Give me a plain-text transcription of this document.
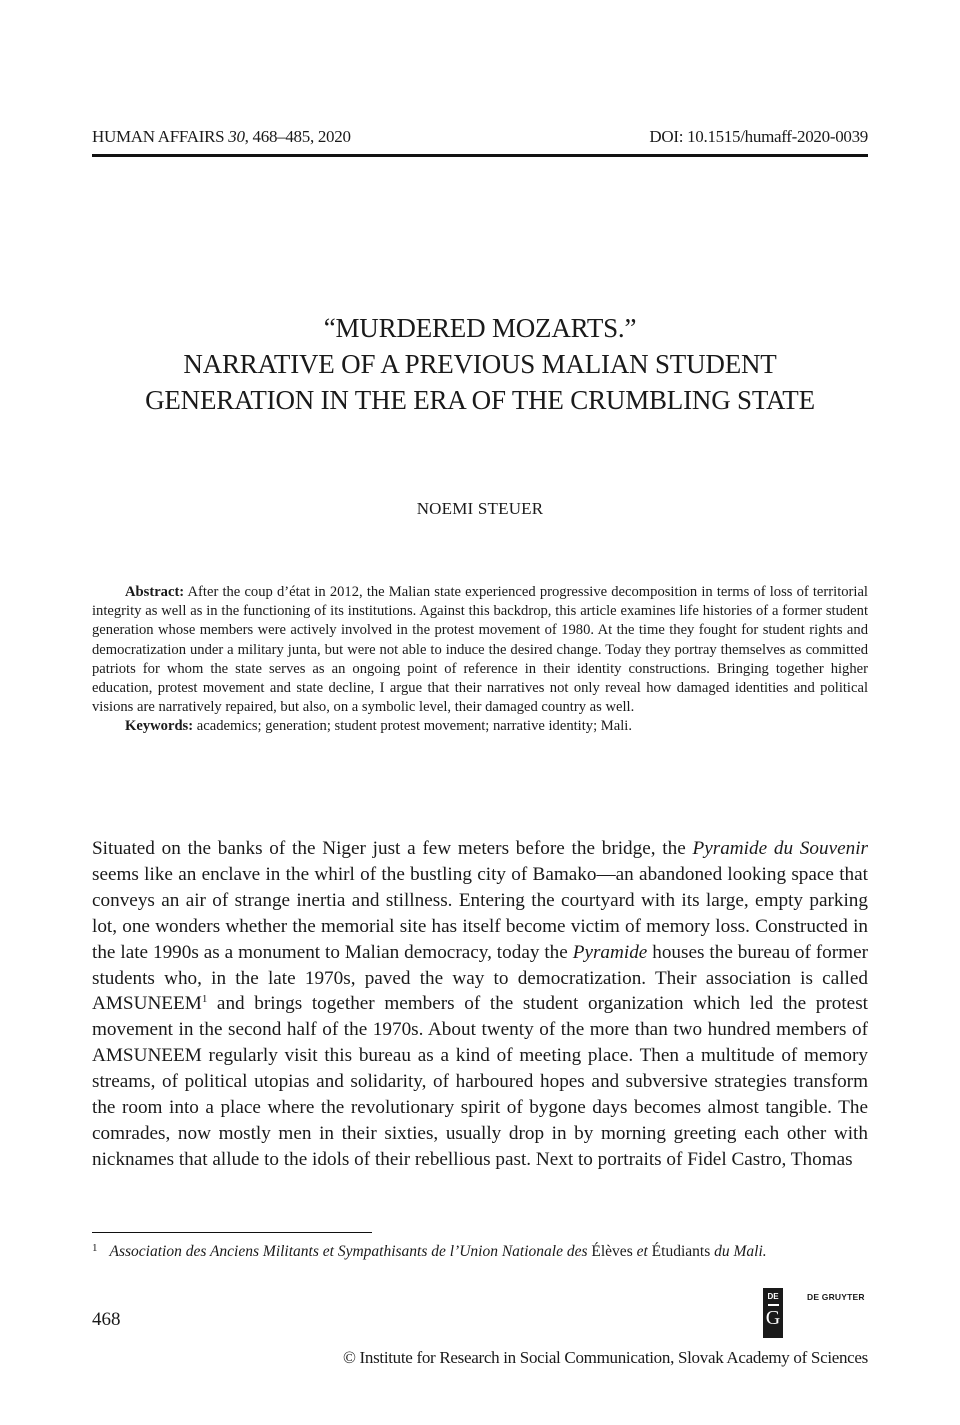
HUMAN AFFAIRS 30, 468–485, 2020	DOI: 10.1515/humaff-2020-0039
“MURDERED MOZARTS.”
NARRATIVE OF A PREVIOUS MALIAN STUDENT
GENERATION IN THE ERA OF THE CRUMBLING STATE
NOEMI STEUER

Abstract: After the coup d’état in 2012, the Malian state experienced progressive decomposition in terms of loss of territorial integrity as well as in the functioning of its institutions. Against this backdrop, this article examines life histories of a former student generation whose members were actively involved in the protest movement of 1980. At the time they fought for student rights and democratization under a military junta, but were not able to induce the desired change. Today they portray themselves as committed patriots for whom the state serves as an ongoing point of reference in their identity constructions. Bringing together higher education, protest movement and state decline, I argue that their narratives not only reveal how damaged identities and political visions are narratively repaired, but also, on a symbolic level, their damaged country as well.

Keywords: academics; generation; student protest movement; narrative identity; Mali.

Situated on the banks of the Niger just a few meters before the bridge, the Pyramide du Souvenir seems like an enclave in the whirl of the bustling city of Bamako—an abandoned looking space that conveys an air of strange inertia and stillness. Entering the courtyard with its large, empty parking lot, one wonders whether the memorial site has itself become victim of memory loss. Constructed in the late 1990s as a monument to Malian democracy, today the Pyramide houses the bureau of former students who, in the late 1970s, paved the way to democratization. Their association is called AMSUNEEM$^1$ and brings together members of the student organization which led the protest movement in the second half of the 1970s. About twenty of the more than two hundred members of AMSUNEEM regularly visit this bureau as a kind of meeting place. Then a multitude of memory streams, of political utopias and solidarity, of harboured hopes and subversive strategies transform the room into a place where the revolutionary spirit of bygone days becomes almost tangible. The comrades, now mostly men in their sixties, usually drop in by morning greeting each other with nicknames that allude to the idols of their rebellious past. Next to portraits of Fidel Castro, Thomas

$^1$ Association des Anciens Militants et Sympathisants de l’Union Nationale des Élèves et Étudiants du Mali.
468
DE
G
DE GRUYTER
© Institute for Research in Social Communication, Slovak Academy of Sciences
